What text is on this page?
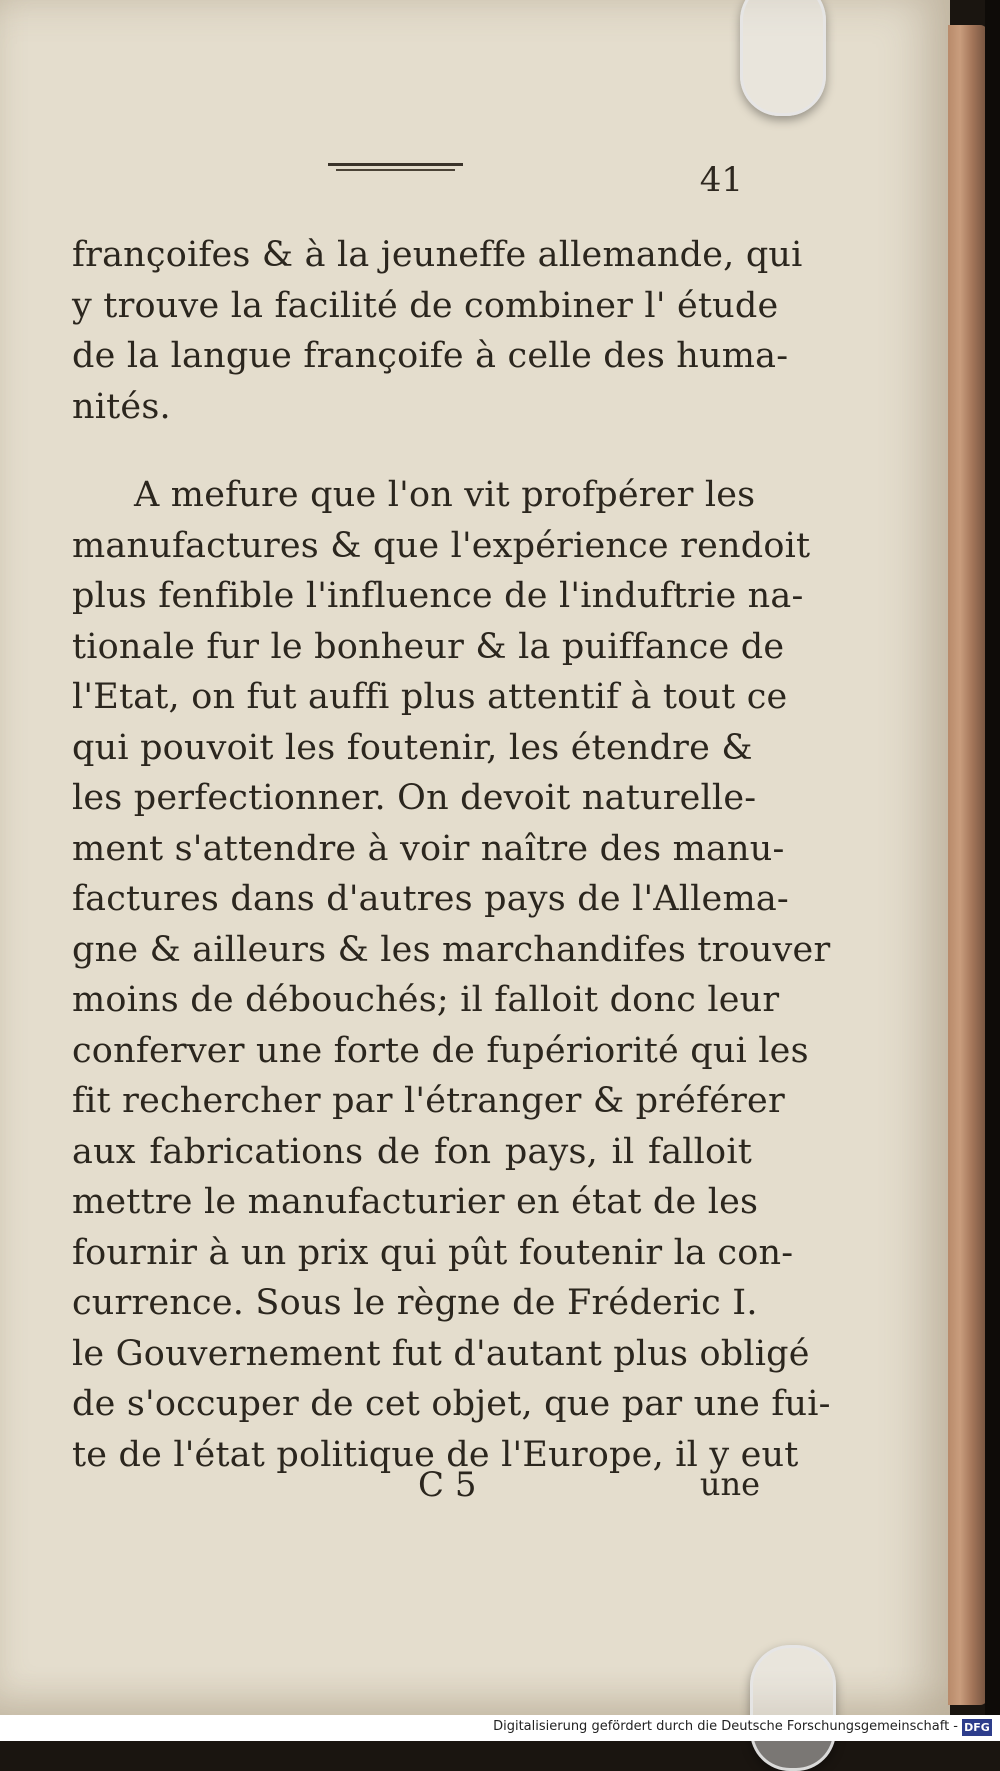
41
françoifes & à la jeuneffe allemande, qui
y trouve la facilité de combiner l' étude
de la langue françoife à celle des huma-
nités.
A mefure que l'on vit profpérer les
manufactures & que l'expérience rendoit
plus fenfible l'influence de l'induftrie na-
tionale fur le bonheur & la puiffance de
l'Etat, on fut auffi plus attentif à tout ce
qui pouvoit les foutenir, les étendre &
les perfectionner. On devoit naturelle-
ment s'attendre à voir naître des manu-
factures dans d'autres pays de l'Allema-
gne & ailleurs & les marchandifes trouver
moins de débouchés; il falloit donc leur
conferver une forte de fupériorité qui les
fit rechercher par l'étranger & préférer
aux fabrications de fon pays, il falloit
mettre le manufacturier en état de les
fournir à un prix qui pût foutenir la con-
currence. Sous le règne de Fréderic I.
le Gouvernement fut d'autant plus obligé
de s'occuper de cet objet, que par une fui-
te de l'état politique de l'Europe, il y eut
C 5	une
Digitalisierung gefördert durch die Deutsche Forschungsgemeinschaft - DFG
